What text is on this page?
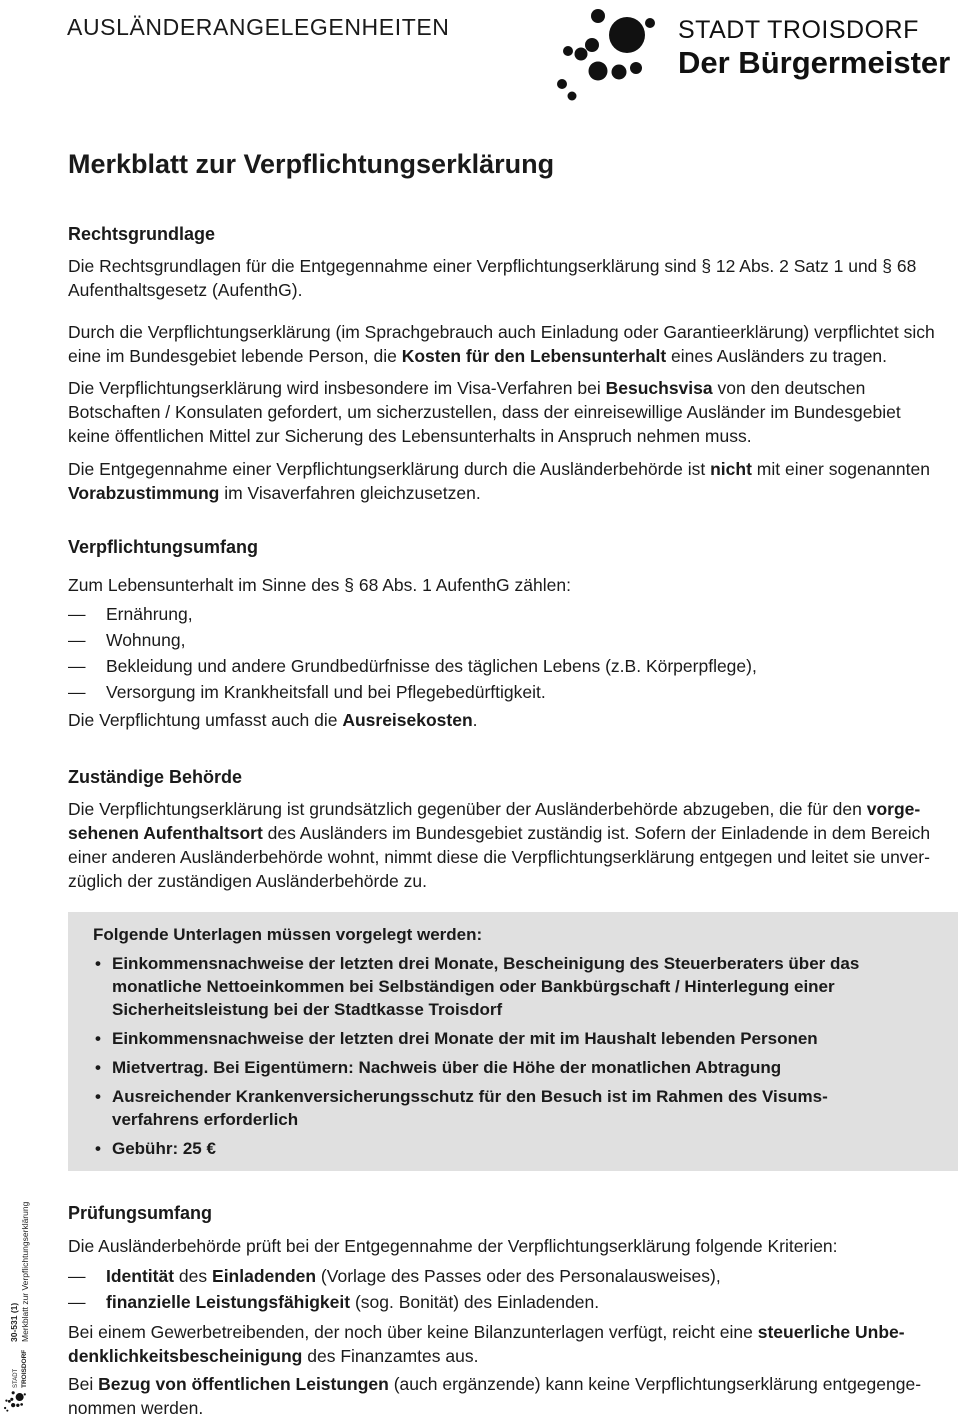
AUSLÄNDERANGELEGENHEITEN	STADT TROISDORF
Der Bürgermeister
Merkblatt zur Verpflichtungserklärung
Rechtsgrundlage
Die Rechtsgrundlagen für die Entgegennahme einer Verpflichtungserklärung sind § 12 Abs. 2 Satz 1 und § 68
Aufenthaltsgesetz (AufenthG).
Durch die Verpflichtungserklärung (im Sprachgebrauch auch Einladung oder Garantieerklärung) verpflichtet sich
eine im Bundesgebiet lebende Person, die Kosten für den Lebensunterhalt eines Ausländers zu tragen.
Die Verpflichtungserklärung wird insbesondere im Visa-Verfahren bei Besuchsvisa von den deutschen
Botschaften / Konsulaten gefordert, um sicherzustellen, dass der einreisewillige Ausländer im Bundesgebiet
keine öffentlichen Mittel zur Sicherung des Lebensunterhalts in Anspruch nehmen muss.
Die Entgegennahme einer Verpflichtungserklärung durch die Ausländerbehörde ist nicht mit einer sogenannten
Vorabzustimmung im Visaverfahren gleichzusetzen.
Verpflichtungsumfang
Zum Lebensunterhalt im Sinne des § 68 Abs. 1 AufenthG zählen:
— Ernährung,
— Wohnung,
— Bekleidung und andere Grundbedürfnisse des täglichen Lebens (z.B. Körperpflege),
— Versorgung im Krankheitsfall und bei Pflegebedürftigkeit.
Die Verpflichtung umfasst auch die Ausreisekosten.
Zuständige Behörde
Die Verpflichtungserklärung ist grundsätzlich gegenüber der Ausländerbehörde abzugeben, die für den vorge-
sehenen Aufenthaltsort des Ausländers im Bundesgebiet zuständig ist. Sofern der Einladende in dem Bereich
einer anderen Ausländerbehörde wohnt, nimmt diese die Verpflichtungserklärung entgegen und leitet sie unver-
züglich der zuständigen Ausländerbehörde zu.
Folgende Unterlagen müssen vorgelegt werden:
• Einkommensnachweise der letzten drei Monate, Bescheinigung des Steuerberaters über das
monatliche Nettoeinkommen bei Selbständigen oder Bankbürgschaft / Hinterlegung einer
Sicherheitsleistung bei der Stadtkasse Troisdorf
• Einkommensnachweise der letzten drei Monate der mit im Haushalt lebenden Personen
• Mietvertrag. Bei Eigentümern: Nachweis über die Höhe der monatlichen Abtragung
• Ausreichender Krankenversicherungsschutz für den Besuch ist im Rahmen des Visums-
verfahrens erforderlich
• Gebühr: 25 €
Prüfungsumfang
Die Ausländerbehörde prüft bei der Entgegennahme der Verpflichtungserklärung folgende Kriterien:
— Identität des Einladenden (Vorlage des Passes oder des Personalausweises),
— finanzielle Leistungsfähigkeit (sog. Bonität) des Einladenden.
Bei einem Gewerbetreibenden, der noch über keine Bilanzunterlagen verfügt, reicht eine steuerliche Unbe-
denklichkeitsbescheinigung des Finanzamtes aus.
Bei Bezug von öffentlichen Leistungen (auch ergänzende) kann keine Verpflichtungserklärung entgegenge-
nommen werden.
30-531 (1) Merkblatt zur Verpflichtungserklärung
STADT TROISDORF
